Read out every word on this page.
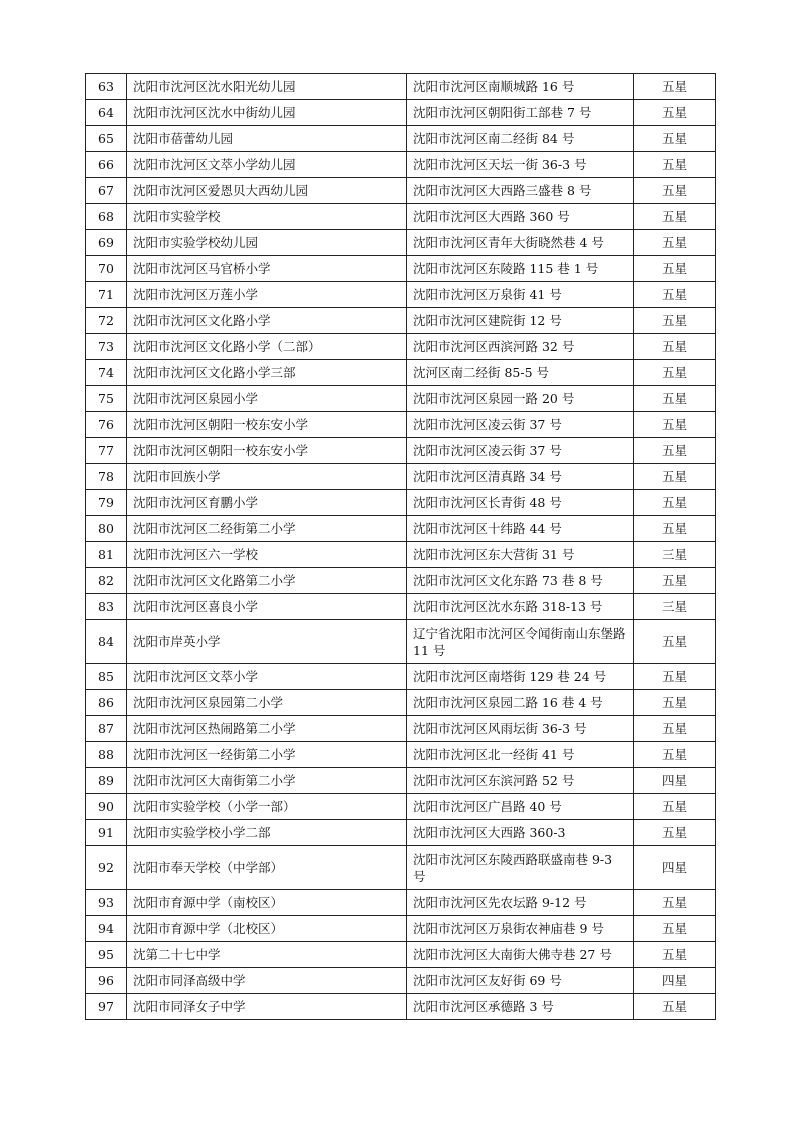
63	沈阳市沈河区沈水阳光幼儿园	沈阳市沈河区南顺城路 16 号	五星
64	沈阳市沈河区沈水中街幼儿园	沈阳市沈河区朝阳街工部巷 7 号	五星
65	沈阳市蓓蕾幼儿园	沈阳市沈河区南二经街 84 号	五星
66	沈阳市沈河区文萃小学幼儿园	沈阳市沈河区天坛一街 36-3 号	五星
67	沈阳市沈河区爱恩贝大西幼儿园	沈阳市沈河区大西路三盛巷 8 号	五星
68	沈阳市实验学校	沈阳市沈河区大西路 360 号	五星
69	沈阳市实验学校幼儿园	沈阳市沈河区青年大街晓然巷 4 号	五星
70	沈阳市沈河区马官桥小学	沈阳市沈河区东陵路 115 巷 1 号	五星
71	沈阳市沈河区万莲小学	沈阳市沈河区万泉街 41 号	五星
72	沈阳市沈河区文化路小学	沈阳市沈河区建院街 12 号	五星
73	沈阳市沈河区文化路小学（二部）	沈阳市沈河区西滨河路 32 号	五星
74	沈阳市沈河区文化路小学三部	沈河区南二经街 85-5 号	五星
75	沈阳市沈河区泉园小学	沈阳市沈河区泉园一路 20 号	五星
76	沈阳市沈河区朝阳一校东安小学	沈阳市沈河区凌云街 37 号	五星
77	沈阳市沈河区朝阳一校东安小学	沈阳市沈河区凌云街 37 号	五星
78	沈阳市回族小学	沈阳市沈河区清真路 34 号	五星
79	沈阳市沈河区育鹏小学	沈阳市沈河区长青街 48 号	五星
80	沈阳市沈河区二经街第二小学	沈阳市沈河区十纬路 44 号	五星
81	沈阳市沈河区六一学校	沈阳市沈河区东大营街 31 号	三星
82	沈阳市沈河区文化路第二小学	沈阳市沈河区文化东路 73 巷 8 号	五星
83	沈阳市沈河区喜良小学	沈阳市沈河区沈水东路 318-13 号	三星
84	沈阳市岸英小学	辽宁省沈阳市沈河区令闻街南山东堡路 11 号	五星
85	沈阳市沈河区文萃小学	沈阳市沈河区南塔街 129 巷 24 号	五星
86	沈阳市沈河区泉园第二小学	沈阳市沈河区泉园二路 16 巷 4 号	五星
87	沈阳市沈河区热闹路第二小学	沈阳市沈河区风雨坛街 36-3 号	五星
88	沈阳市沈河区一经街第二小学	沈阳市沈河区北一经街 41 号	五星
89	沈阳市沈河区大南街第二小学	沈阳市沈河区东滨河路 52 号	四星
90	沈阳市实验学校（小学一部）	沈阳市沈河区广昌路 40 号	五星
91	沈阳市实验学校小学二部	沈阳市沈河区大西路 360-3	五星
92	沈阳市奉天学校（中学部）	沈阳市沈河区东陵西路联盛南巷 9-3 号	四星
93	沈阳市育源中学（南校区）	沈阳市沈河区先农坛路 9-12 号	五星
94	沈阳市育源中学（北校区）	沈阳市沈河区万泉街农神庙巷 9 号	五星
95	沈第二十七中学	沈阳市沈河区大南街大佛寺巷 27 号	五星
96	沈阳市同泽高级中学	沈阳市沈河区友好街 69 号	四星
97	沈阳市同泽女子中学	沈阳市沈河区承德路 3 号	五星
